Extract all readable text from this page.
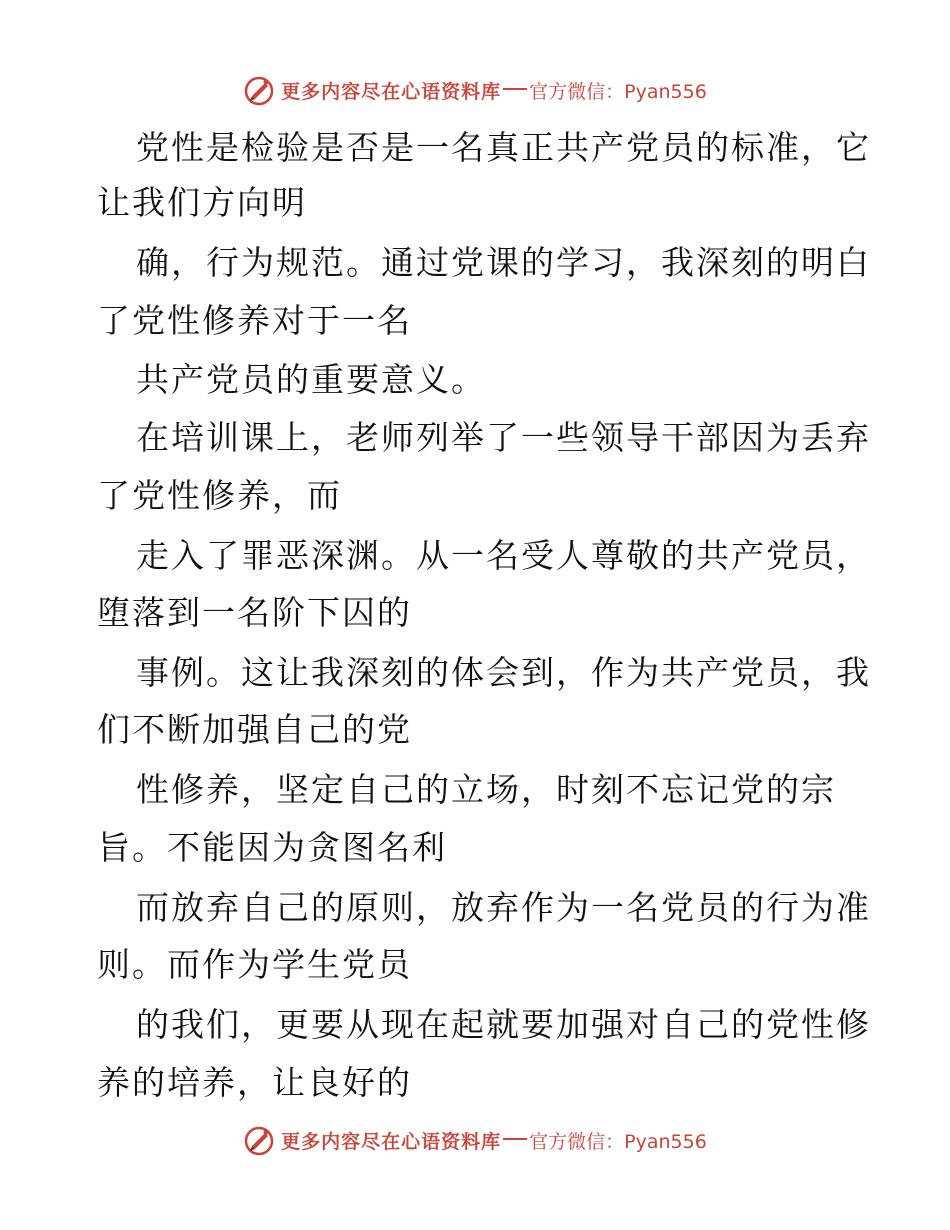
更多内容尽在心语资料库 官方微信：Pyan556
党性是检验是否是一名真正共产党员的标准，它
让我们方向明
确，行为规范。通过党课的学习，我深刻的明白
了党性修养对于一名
共产党员的重要意义。
在培训课上，老师列举了一些领导干部因为丢弃
了党性修养，而
走入了罪恶深渊。从一名受人尊敬的共产党员，
堕落到一名阶下囚的
事例。这让我深刻的体会到，作为共产党员，我
们不断加强自己的党
性修养，坚定自己的立场，时刻不忘记党的宗
旨。不能因为贪图名利
而放弃自己的原则，放弃作为一名党员的行为准
则。而作为学生党员
的我们，更要从现在起就要加强对自己的党性修
养的培养，让良好的
更多内容尽在心语资料库 官方微信：Pyan556
